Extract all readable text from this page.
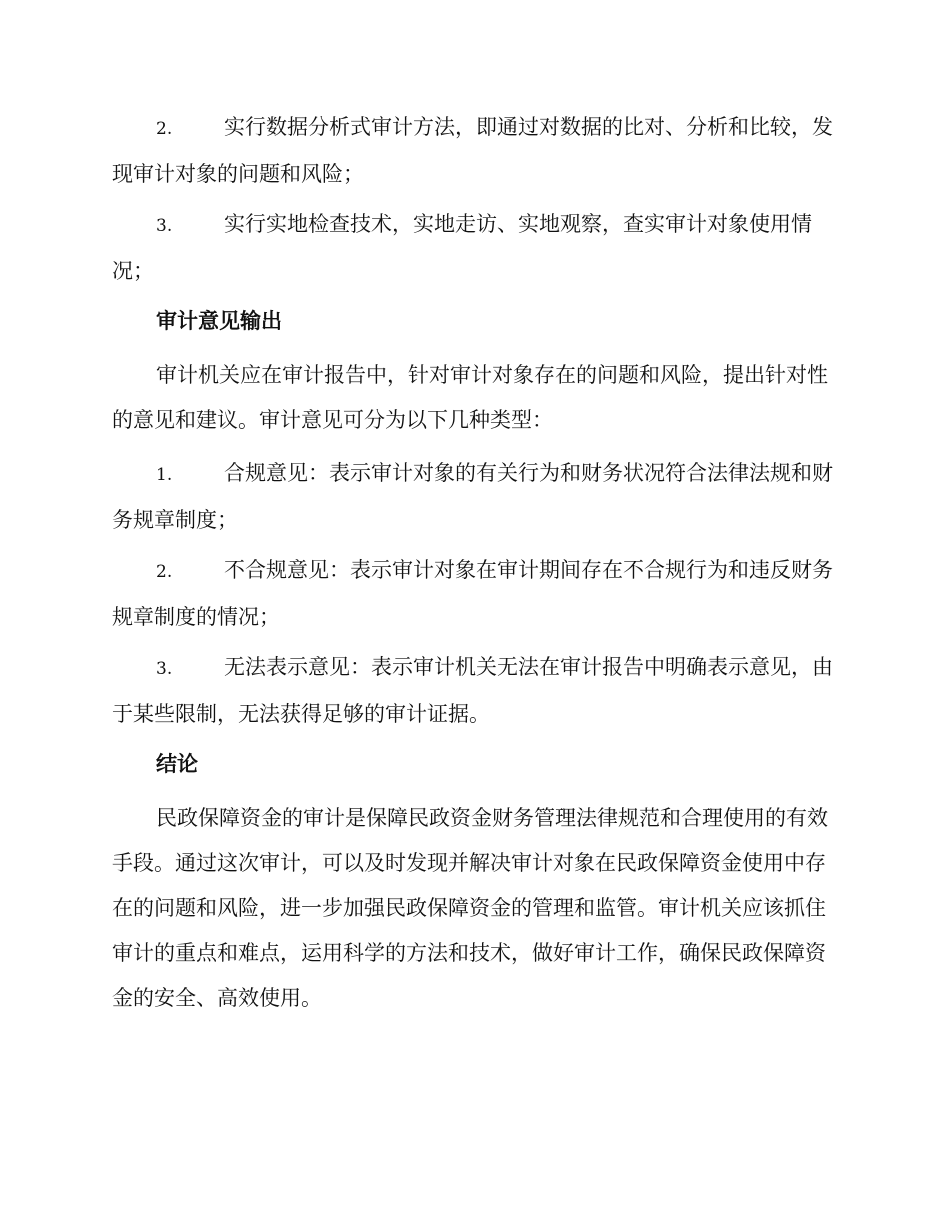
2. 实行数据分析式审计方法，即通过对数据的比对、分析和比较，发现审计对象的问题和风险；

3. 实行实地检查技术，实地走访、实地观察，查实审计对象使用情况；

审计意见输出

审计机关应在审计报告中，针对审计对象存在的问题和风险，提出针对性的意见和建议。审计意见可分为以下几种类型：

1. 合规意见：表示审计对象的有关行为和财务状况符合法律法规和财务规章制度；

2. 不合规意见：表示审计对象在审计期间存在不合规行为和违反财务规章制度的情况；

3. 无法表示意见：表示审计机关无法在审计报告中明确表示意见，由于某些限制，无法获得足够的审计证据。

结论

民政保障资金的审计是保障民政资金财务管理法律规范和合理使用的有效手段。通过这次审计，可以及时发现并解决审计对象在民政保障资金使用中存在的问题和风险，进一步加强民政保障资金的管理和监管。审计机关应该抓住审计的重点和难点，运用科学的方法和技术，做好审计工作，确保民政保障资金的安全、高效使用。
